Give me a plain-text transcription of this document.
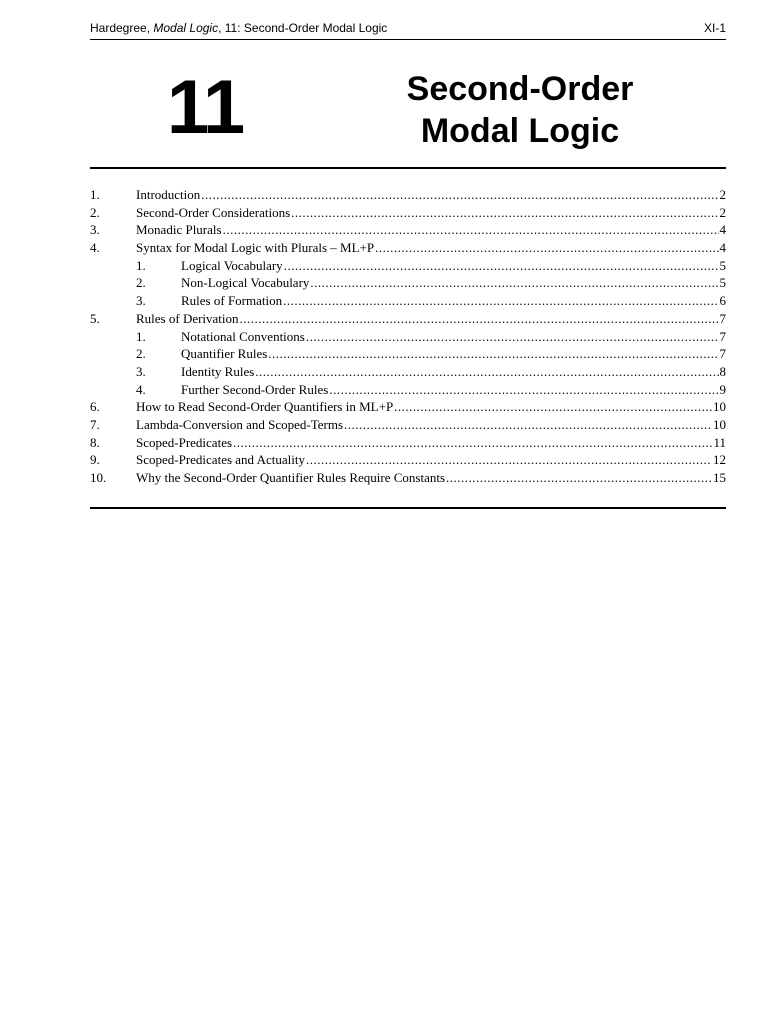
Hardegree, Modal Logic, 11: Second-Order Modal Logic	XI-1
11	Second-Order
Modal Logic
1.	Introduction .....	2
2.	Second-Order Considerations .....	2
3.	Monadic Plurals .....	4
4.	Syntax for Modal Logic with Plurals – ML+P .....	4
1.	Logical Vocabulary .....	5
2.	Non-Logical Vocabulary .....	5
3.	Rules of Formation .....	6
5.	Rules of Derivation .....	7
1.	Notational Conventions .....	7
2.	Quantifier Rules .....	7
3.	Identity Rules .....	8
4.	Further Second-Order Rules .....	9
6.	How to Read Second-Order Quantifiers in ML+P .....	10
7.	Lambda-Conversion and Scoped-Terms .....	10
8.	Scoped-Predicates .....	11
9.	Scoped-Predicates and Actuality .....	12
10. Why the Second-Order Quantifier Rules Require Constants .....	15
